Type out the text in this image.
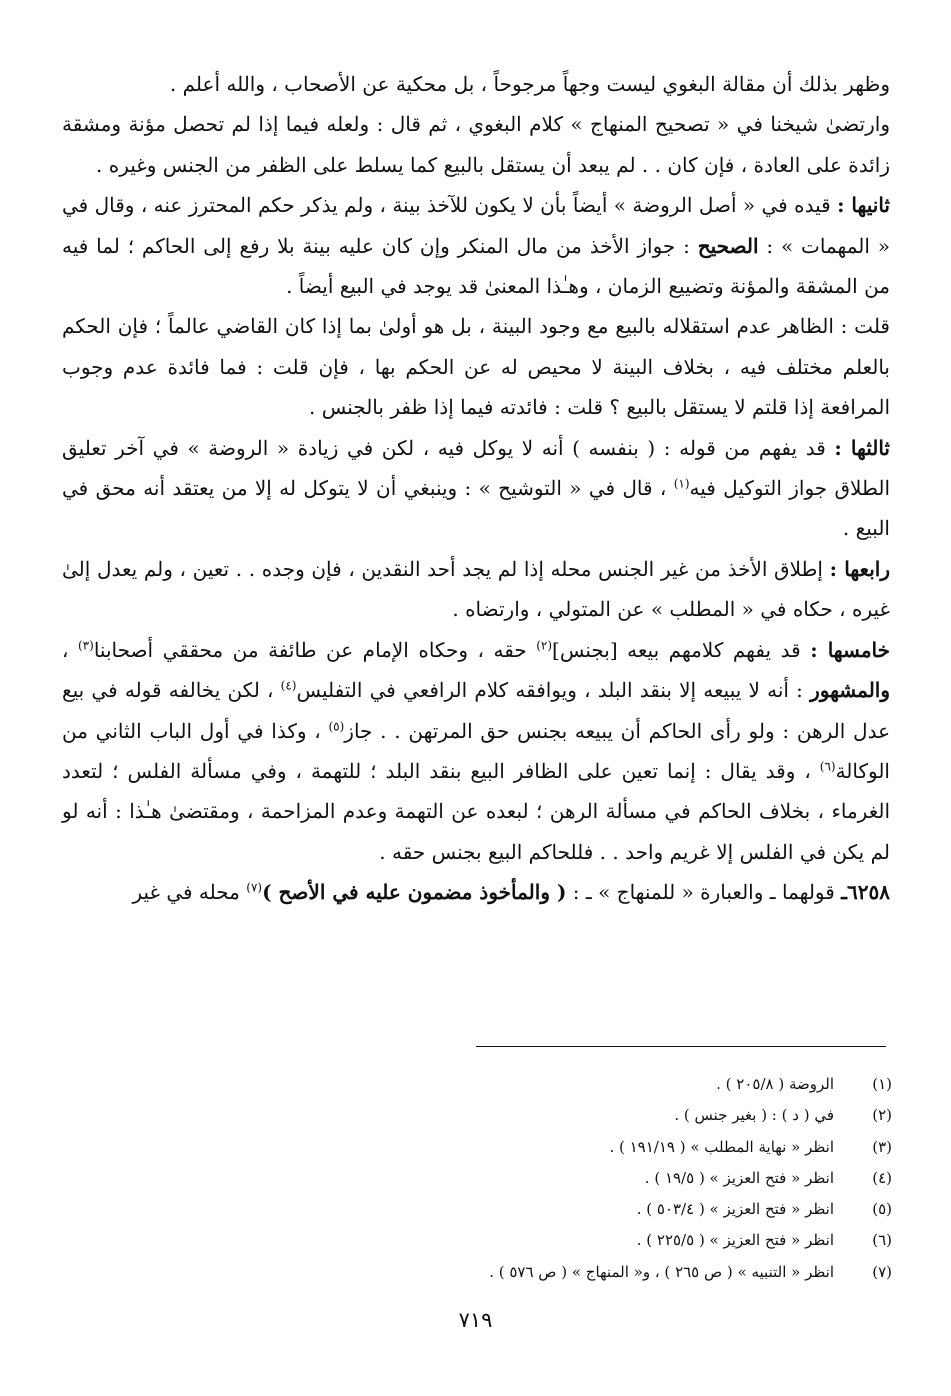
وظهر بذلك أن مقالة البغوي ليست وجهاً مرجوحاً ، بل محكية عن الأصحاب ، والله أعلم .

وارتضىٰ شيخنا في « تصحيح المنهاج » كلام البغوي ، ثم قال : ولعله فيما إذا لم تحصل مؤنة ومشقة زائدة على العادة ، فإن كان . . لم يبعد أن يستقل بالبيع كما يسلط على الظفر من الجنس وغيره .

ثانيها : قيده في « أصل الروضة » أيضاً بأن لا يكون للآخذ بينة ، ولم يذكر حكم المحترز عنه ، وقال في « المهمات » : الصحيح : جواز الأخذ من مال المنكر وإن كان عليه بينة بلا رفع إلى الحاكم ؛ لما فيه من المشقة والمؤنة وتضييع الزمان ، وهـٰذا المعنىٰ قد يوجد في البيع أيضاً .

قلت : الظاهر عدم استقلاله بالبيع مع وجود البينة ، بل هو أولىٰ بما إذا كان القاضي عالماً ؛ فإن الحكم بالعلم مختلف فيه ، بخلاف البينة لا محيص له عن الحكم بها ، فإن قلت : فما فائدة عدم وجوب المرافعة إذا قلتم لا يستقل بالبيع ؟ قلت : فائدته فيما إذا ظفر بالجنس .

ثالثها : قد يفهم من قوله : ( بنفسه ) أنه لا يوكل فيه ، لكن في زيادة « الروضة » في آخر تعليق الطلاق جواز التوكيل فيه$^{(١)}$ ، قال في « التوشيح » : وينبغي أن لا يتوكل له إلا من يعتقد أنه محق في البيع .

رابعها : إطلاق الأخذ من غير الجنس محله إذا لم يجد أحد النقدين ، فإن وجده . . تعين ، ولم يعدل إلىٰ غيره ، حكاه في « المطلب » عن المتولي ، وارتضاه .

خامسها : قد يفهم كلامهم بيعه [بجنس]$^{(٢)}$ حقه ، وحكاه الإمام عن طائفة من محققي أصحابنا$^{(٣)}$ ، والمشهور : أنه لا يبيعه إلا بنقد البلد ، ويوافقه كلام الرافعي في التفليس$^{(٤)}$ ، لكن يخالفه قوله في بيع عدل الرهن : ولو رأى الحاكم أن يبيعه بجنس حق المرتهن . . جاز$^{(٥)}$ ، وكذا في أول الباب الثاني من الوكالة$^{(٦)}$ ، وقد يقال : إنما تعين على الظافر البيع بنقد البلد ؛ للتهمة ، وفي مسألة الفلس ؛ لتعدد الغرماء ، بخلاف الحاكم في مسألة الرهن ؛ لبعده عن التهمة وعدم المزاحمة ، ومقتضىٰ هـٰذا : أنه لو لم يكن في الفلس إلا غريم واحد . . فللحاكم البيع بجنس حقه .

٦٢٥٨ـ قولهما ـ والعبارة « للمنهاج » ـ : ( والمأخوذ مضمون عليه في الأصح )$^{(٧)}$ محله في غير

(١)
الروضة ( ٢٠٥/٨ ) .
(٢)
في ( د ) : ( بغير جنس ) .
(٣)
انظر « نهاية المطلب » ( ١٩١/١٩ ) .
(٤)
انظر « فتح العزيز » ( ١٩/٥ ) .
(٥)
انظر « فتح العزيز » ( ٥٠٣/٤ ) .
(٦)
انظر « فتح العزيز » ( ٢٢٥/٥ ) .
(٧)
انظر « التنبيه » ( ص ٢٦٥ ) ، و« المنهاج » ( ص ٥٧٦ ) .
٧١٩
